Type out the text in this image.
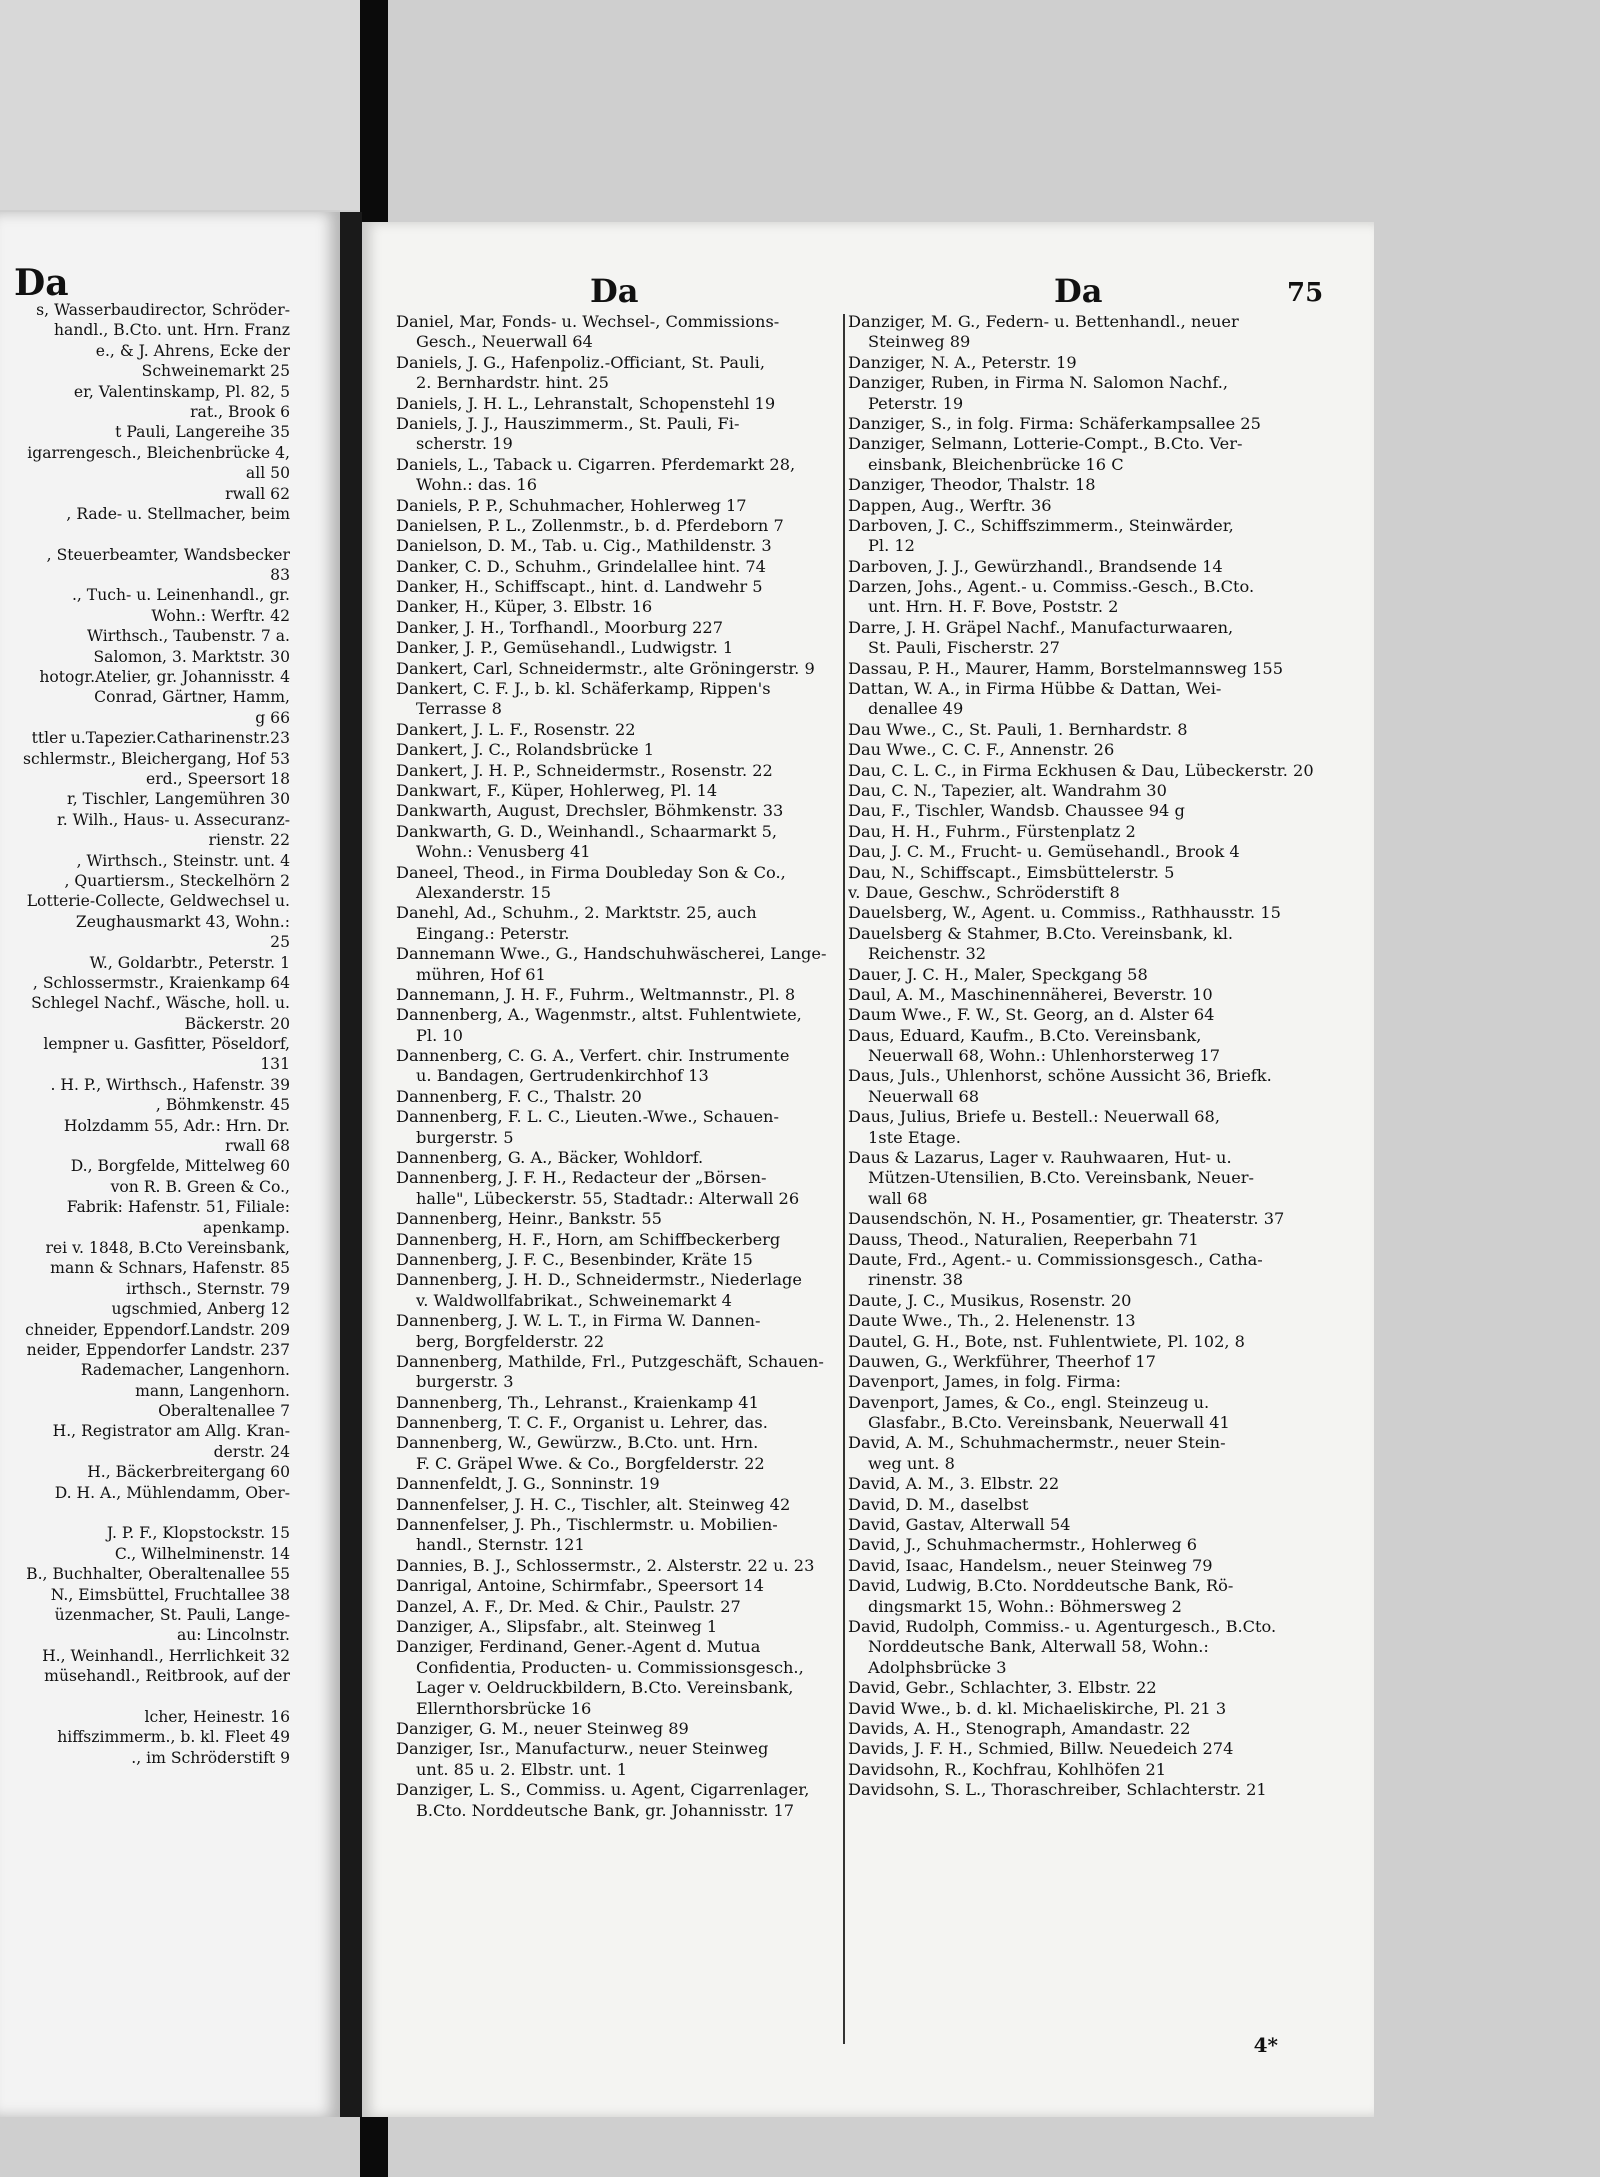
Da
s, Wasserbaudirector, Schröder-
handl., B.Cto. unt. Hrn. Franz
e., & J. Ahrens, Ecke der
Schweinemarkt 25
er, Valentinskamp, Pl. 82, 5
rat., Brook 6
t Pauli, Langereihe 35
igarrengesch., Bleichenbrücke 4,
all 50
rwall 62
, Rade- u. Stellmacher, beim
, Steuerbeamter, Wandsbecker
83
., Tuch- u. Leinenhandl., gr.
Wohn.: Werftr. 42
Wirthsch., Taubenstr. 7 a.
Salomon, 3. Marktstr. 30
hotogr.Atelier, gr. Johannisstr. 4
Conrad, Gärtner, Hamm,
g 66
ttler u.Tapezier.Catharinenstr.23
schlermstr., Bleichergang, Hof 53
erd., Speersort 18
r, Tischler, Langemühren 30
r. Wilh., Haus- u. Assecuranz-
rienstr. 22
, Wirthsch., Steinstr. unt. 4
, Quartiersm., Steckelhörn 2
Lotterie-Collecte, Geldwechsel u.
Zeughausmarkt 43, Wohn.:
25
W., Goldarbtr., Peterstr. 1
, Schlossermstr., Kraienkamp 64
Schlegel Nachf., Wäsche, holl. u.
Bäckerstr. 20
lempner u. Gasfitter, Pöseldorf,
131
. H. P., Wirthsch., Hafenstr. 39
, Böhmkenstr. 45
Holzdamm 55, Adr.: Hrn. Dr.
rwall 68
D., Borgfelde, Mittelweg 60
von R. B. Green & Co.,
Fabrik: Hafenstr. 51, Filiale:
apenkamp.
rei v. 1848, B.Cto Vereinsbank,
mann & Schnars, Hafenstr. 85
irthsch., Sternstr. 79
ugschmied, Anberg 12
chneider, Eppendorf.Landstr. 209
neider, Eppendorfer Landstr. 237
Rademacher, Langenhorn.
mann, Langenhorn.
Oberaltenallee 7
H., Registrator am Allg. Kran-
derstr. 24
H., Bäckerbreitergang 60
D. H. A., Mühlendamm, Ober-
J. P. F., Klopstockstr. 15
C., Wilhelminenstr. 14
B., Buchhalter, Oberaltenallee 55
N., Eimsbüttel, Fruchtallee 38
üzenmacher, St. Pauli, Lange-
au: Lincolnstr.
H., Weinhandl., Herrlichkeit 32
müsehandl., Reitbrook, auf der
lcher, Heinestr. 16
hiffszimmerm., b. kl. Fleet 49
., im Schröderstift 9
Da	Da	75
Daniel, Mar, Fonds- u. Wechsel-, Commissions-
Gesch., Neuerwall 64
Daniels, J. G., Hafenpoliz.-Officiant, St. Pauli,
2. Bernhardstr. hint. 25
Daniels, J. H. L., Lehranstalt, Schopenstehl 19
Daniels, J. J., Hauszimmerm., St. Pauli, Fi-
scherstr. 19
Daniels, L., Taback u. Cigarren. Pferdemarkt 28,
Wohn.: das. 16
Daniels, P. P., Schuhmacher, Hohlerweg 17
Danielsen, P. L., Zollenmstr., b. d. Pferdeborn 7
Danielson, D. M., Tab. u. Cig., Mathildenstr. 3
Danker, C. D., Schuhm., Grindelallee hint. 74
Danker, H., Schiffscapt., hint. d. Landwehr 5
Danker, H., Küper, 3. Elbstr. 16
Danker, J. H., Torfhandl., Moorburg 227
Danker, J. P., Gemüsehandl., Ludwigstr. 1
Dankert, Carl, Schneidermstr., alte Gröningerstr. 9
Dankert, C. F. J., b. kl. Schäferkamp, Rippen's
Terrasse 8
Dankert, J. L. F., Rosenstr. 22
Dankert, J. C., Rolandsbrücke 1
Dankert, J. H. P., Schneidermstr., Rosenstr. 22
Dankwart, F., Küper, Hohlerweg, Pl. 14
Dankwarth, August, Drechsler, Böhmkenstr. 33
Dankwarth, G. D., Weinhandl., Schaarmarkt 5,
Wohn.: Venusberg 41
Daneel, Theod., in Firma Doubleday Son & Co.,
Alexanderstr. 15
Danehl, Ad., Schuhm., 2. Marktstr. 25, auch
Eingang.: Peterstr.
Dannemann Wwe., G., Handschuhwäscherei, Lange-
mühren, Hof 61
Dannemann, J. H. F., Fuhrm., Weltmannstr., Pl. 8
Dannenberg, A., Wagenmstr., altst. Fuhlentwiete,
Pl. 10
Dannenberg, C. G. A., Verfert. chir. Instrumente
u. Bandagen, Gertrudenkirchhof 13
Dannenberg, F. C., Thalstr. 20
Dannenberg, F. L. C., Lieuten.-Wwe., Schauen-
burgerstr. 5
Dannenberg, G. A., Bäcker, Wohldorf.
Dannenberg, J. F. H., Redacteur der „Börsen-
halle", Lübeckerstr. 55, Stadtadr.: Alterwall 26
Dannenberg, Heinr., Bankstr. 55
Dannenberg, H. F., Horn, am Schiffbeckerberg
Dannenberg, J. F. C., Besenbinder, Kräte 15
Dannenberg, J. H. D., Schneidermstr., Niederlage
v. Waldwollfabrikat., Schweinemarkt 4
Dannenberg, J. W. L. T., in Firma W. Dannen-
berg, Borgfelderstr. 22
Dannenberg, Mathilde, Frl., Putzgeschäft, Schauen-
burgerstr. 3
Dannenberg, Th., Lehranst., Kraienkamp 41
Dannenberg, T. C. F., Organist u. Lehrer, das.
Dannenberg, W., Gewürzw., B.Cto. unt. Hrn.
F. C. Gräpel Wwe. & Co., Borgfelderstr. 22
Dannenfeldt, J. G., Sonninstr. 19
Dannenfelser, J. H. C., Tischler, alt. Steinweg 42
Dannenfelser, J. Ph., Tischlermstr. u. Mobilien-
handl., Sternstr. 121
Dannies, B. J., Schlossermstr., 2. Alsterstr. 22 u. 23
Danrigal, Antoine, Schirmfabr., Speersort 14
Danzel, A. F., Dr. Med. & Chir., Paulstr. 27
Danziger, A., Slipsfabr., alt. Steinweg 1
Danziger, Ferdinand, Gener.-Agent d. Mutua
Confidentia, Producten- u. Commissionsgesch.,
Lager v. Oeldruckbildern, B.Cto. Vereinsbank,
Ellernthorsbrücke 16
Danziger, G. M., neuer Steinweg 89
Danziger, Isr., Manufacturw., neuer Steinweg
unt. 85 u. 2. Elbstr. unt. 1
Danziger, L. S., Commiss. u. Agent, Cigarrenlager,
B.Cto. Norddeutsche Bank, gr. Johannisstr. 17
Danziger, M. G., Federn- u. Bettenhandl., neuer
Steinweg 89
Danziger, N. A., Peterstr. 19
Danziger, Ruben, in Firma N. Salomon Nachf.,
Peterstr. 19
Danziger, S., in folg. Firma: Schäferkampsallee 25
Danziger, Selmann, Lotterie-Compt., B.Cto. Ver-
einsbank, Bleichenbrücke 16 C
Danziger, Theodor, Thalstr. 18
Dappen, Aug., Werftr. 36
Darboven, J. C., Schiffszimmerm., Steinwärder,
Pl. 12
Darboven, J. J., Gewürzhandl., Brandsende 14
Darzen, Johs., Agent.- u. Commiss.-Gesch., B.Cto.
unt. Hrn. H. F. Bove, Poststr. 2
Darre, J. H. Gräpel Nachf., Manufacturwaaren,
St. Pauli, Fischerstr. 27
Dassau, P. H., Maurer, Hamm, Borstelmannsweg 155
Dattan, W. A., in Firma Hübbe & Dattan, Wei-
denallee 49
Dau Wwe., C., St. Pauli, 1. Bernhardstr. 8
Dau Wwe., C. C. F., Annenstr. 26
Dau, C. L. C., in Firma Eckhusen & Dau, Lübeckerstr. 20
Dau, C. N., Tapezier, alt. Wandrahm 30
Dau, F., Tischler, Wandsb. Chaussee 94 g
Dau, H. H., Fuhrm., Fürstenplatz 2
Dau, J. C. M., Frucht- u. Gemüsehandl., Brook 4
Dau, N., Schiffscapt., Eimsbüttelerstr. 5
v. Daue, Geschw., Schröderstift 8
Dauelsberg, W., Agent. u. Commiss., Rathhausstr. 15
Dauelsberg & Stahmer, B.Cto. Vereinsbank, kl.
Reichenstr. 32
Dauer, J. C. H., Maler, Speckgang 58
Daul, A. M., Maschinennäherei, Beverstr. 10
Daum Wwe., F. W., St. Georg, an d. Alster 64
Daus, Eduard, Kaufm., B.Cto. Vereinsbank,
Neuerwall 68, Wohn.: Uhlenhorsterweg 17
Daus, Juls., Uhlenhorst, schöne Aussicht 36, Briefk.
Neuerwall 68
Daus, Julius, Briefe u. Bestell.: Neuerwall 68,
1ste Etage.
Daus & Lazarus, Lager v. Rauhwaaren, Hut- u.
Mützen-Utensilien, B.Cto. Vereinsbank, Neuer-
wall 68
Dausendschön, N. H., Posamentier, gr. Theaterstr. 37
Dauss, Theod., Naturalien, Reeperbahn 71
Daute, Frd., Agent.- u. Commissionsgesch., Catha-
rinenstr. 38
Daute, J. C., Musikus, Rosenstr. 20
Daute Wwe., Th., 2. Helenenstr. 13
Dautel, G. H., Bote, nst. Fuhlentwiete, Pl. 102, 8
Dauwen, G., Werkführer, Theerhof 17
Davenport, James, in folg. Firma:
Davenport, James, & Co., engl. Steinzeug u.
Glasfabr., B.Cto. Vereinsbank, Neuerwall 41
David, A. M., Schuhmachermstr., neuer Stein-
weg unt. 8
David, A. M., 3. Elbstr. 22
David, D. M., daselbst
David, Gastav, Alterwall 54
David, J., Schuhmachermstr., Hohlerweg 6
David, Isaac, Handelsm., neuer Steinweg 79
David, Ludwig, B.Cto. Norddeutsche Bank, Rö-
dingsmarkt 15, Wohn.: Böhmersweg 2
David, Rudolph, Commiss.- u. Agenturgesch., B.Cto.
Norddeutsche Bank, Alterwall 58, Wohn.:
Adolphsbrücke 3
David, Gebr., Schlachter, 3. Elbstr. 22
David Wwe., b. d. kl. Michaeliskirche, Pl. 21 3
Davids, A. H., Stenograph, Amandastr. 22
Davids, J. F. H., Schmied, Billw. Neuedeich 274
Davidsohn, R., Kochfrau, Kohlhöfen 21
Davidsohn, S. L., Thoraschreiber, Schlachterstr. 21
4*
